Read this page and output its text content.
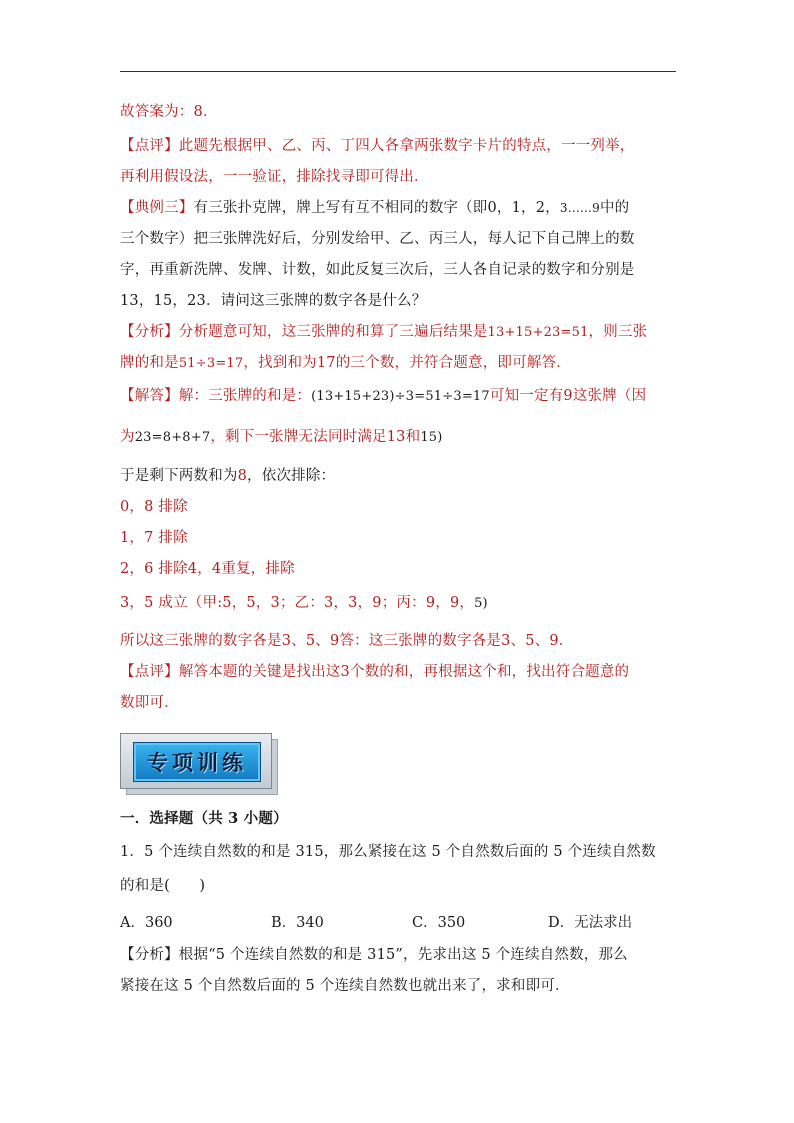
故答案为：8．
【点评】此题先根据甲、乙、丙、丁四人各拿两张数字卡片的特点，一一列举，
再利用假设法，一一验证，排除找寻即可得出．
【典例三】有三张扑克牌，牌上写有互不相同的数字（即0，1，2，3……9中的
三个数字）把三张牌洗好后，分别发给甲、乙、丙三人，每人记下自己牌上的数
字，再重新洗牌、发牌、计数，如此反复三次后，三人各自记录的数字和分别是
13，15，23．请问这三张牌的数字各是什么？
【分析】分析题意可知，这三张牌的和算了三遍后结果是13+15+23=51，则三张
牌的和是51÷3=17，找到和为17的三个数，并符合题意，即可解答．
【解答】解：三张牌的和是：(13+15+23)÷3=51÷3=17可知一定有9这张牌（因
为23=8+8+7，剩下一张牌无法同时满足13和15)
于是剩下两数和为8，依次排除：
0，8 排除
1，7 排除
2，6 排除4，4重复，排除
3，5 成立（甲:5，5，3；乙：3，3，9；丙：9，9，5)
所以这三张牌的数字各是3、5、9答：这三张牌的数字各是3、5、9．
【点评】解答本题的关键是找出这3个数的和，再根据这个和，找出符合题意的
数即可．
专项训练
一．选择题（共 3 小题）
1．5 个连续自然数的和是 315，那么紧接在这 5 个自然数后面的 5 个连续自然数
的和是(　　)
A．360	B．340	C．350	D．无法求出
【分析】根据“5 个连续自然数的和是 315”，先求出这 5 个连续自然数，那么
紧接在这 5 个自然数后面的 5 个连续自然数也就出来了，求和即可．
